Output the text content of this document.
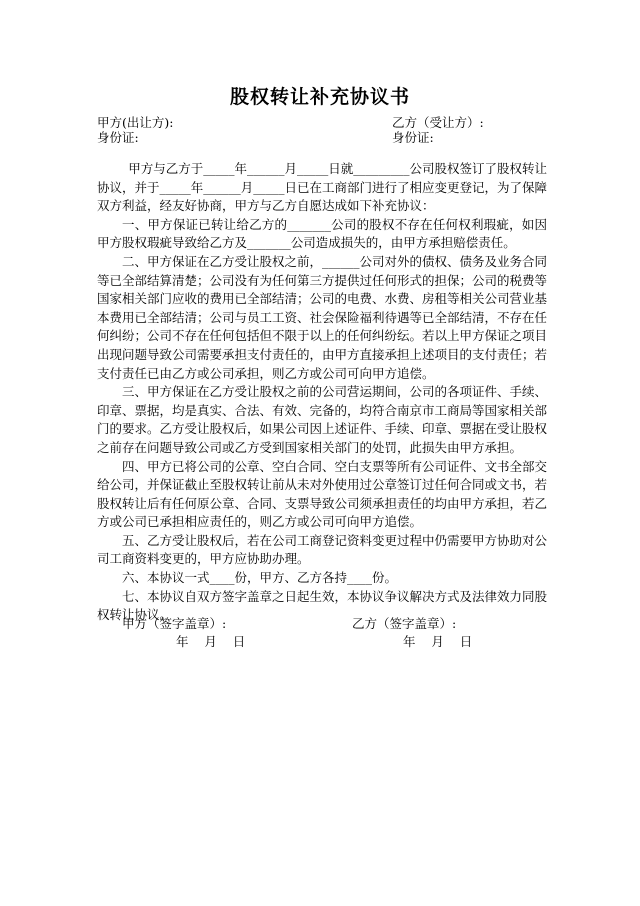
股权转让补充协议书
甲方(出让方):	乙方（受让方）:
身份证:	身份证:

甲方与乙方于_____年______月_____日就_________公司股权签订了股权转让协议，并于_____年______月_____日已在工商部门进行了相应变更登记，为了保障双方利益，经友好协商，甲方与乙方自愿达成如下补充协议：

一、甲方保证已转让给乙方的_______公司的股权不存在任何权利瑕疵，如因甲方股权瑕疵导致给乙方及_______公司造成损失的，由甲方承担赔偿责任。

二、甲方保证在乙方受让股权之前，______公司对外的债权、债务及业务合同等已全部结算清楚；公司没有为任何第三方提供过任何形式的担保；公司的税费等国家相关部门应收的费用已全部结清；公司的电费、水费、房租等相关公司营业基本费用已全部结清；公司与员工工资、社会保险福利待遇等已全部结清，不存在任何纠纷；公司不存在任何包括但不限于以上的任何纠纷纭。若以上甲方保证之项目出现问题导致公司需要承担支付责任的，由甲方直接承担上述项目的支付责任；若支付责任已由乙方或公司承担，则乙方或公司可向甲方追偿。

三、甲方保证在乙方受让股权之前的公司营运期间，公司的各项证件、手续、印章、票据，均是真实、合法、有效、完备的，均符合南京市工商局等国家相关部门的要求。乙方受让股权后，如果公司因上述证件、手续、印章、票据在受让股权之前存在问题导致公司或乙方受到国家相关部门的处罚，此损失由甲方承担。

四、甲方已将公司的公章、空白合同、空白支票等所有公司证件、文书全部交给公司，并保证截止至股权转让前从未对外使用过公章签订过任何合同或文书，若股权转让后有任何原公章、合同、支票导致公司须承担责任的均由甲方承担，若乙方或公司已承担相应责任的，则乙方或公司可向甲方追偿。

五、乙方受让股权后，若在公司工商登记资料变更过程中仍需要甲方协助对公司工商资料变更的，甲方应协助办理。

六、本协议一式____份，甲方、乙方各持____份。

七、本协议自双方签字盖章之日起生效，本协议争议解决方式及法律效力同股权转让协议。

甲方（签字盖章）:	乙方（签字盖章）:
年    月    日	年    月    日
